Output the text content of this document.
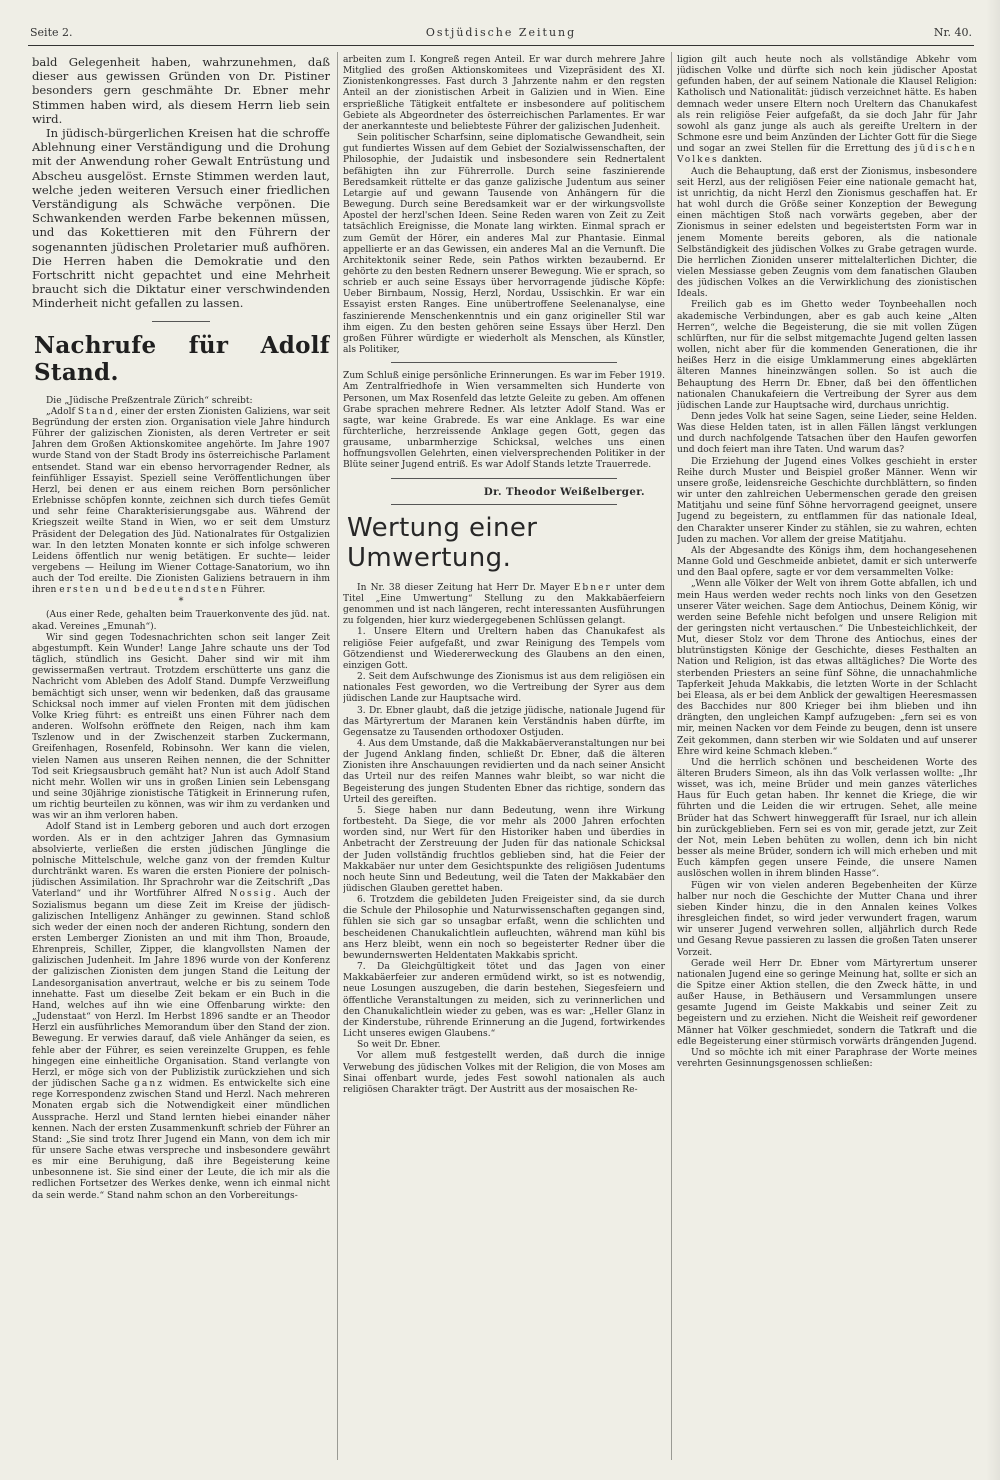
Seite 2.	Ostjüdische Zeitung	Nr. 40.

bald Gelegenheit haben, wahrzunehmen, daß dieser aus gewissen Gründen von Dr. Pistiner besonders gern geschmähte Dr. Ebner mehr Stimmen haben wird, als diesem Herrn lieb sein wird.

In jüdisch-bürgerlichen Kreisen hat die schroffe Ablehnung einer Verständigung und die Drohung mit der Anwendung roher Gewalt Entrüstung und Abscheu ausgelöst. Ernste Stimmen werden laut, welche jeden weiteren Versuch einer friedlichen Verständigung als Schwäche verpönen. Die Schwankenden werden Farbe bekennen müssen, und das Kokettieren mit den Führern der sogenannten jüdischen Proletarier muß aufhören. Die Herren haben die Demokratie und den Fortschritt nicht gepachtet und eine Mehrheit braucht sich die Diktatur einer verschwindenden Minderheit nicht gefallen zu lassen.

Nachrufe für Adolf Stand.

Die „Jüdische Preßzentrale Zürich“ schreibt:

„Adolf Stand, einer der ersten Zionisten Galiziens, war seit Begründung der ersten zion. Organisation viele Jahre hindurch Führer der galizischen Zionisten, als deren Vertreter er seit Jahren dem Großen Aktionskomitee angehörte. Im Jahre 1907 wurde Stand von der Stadt Brody ins österreichische Parlament entsendet. Stand war ein ebenso hervorragender Redner, als feinfühliger Essayist. Speziell seine Veröffentlichungen über Herzl, bei denen er aus einem reichen Born persönlicher Erlebnisse schöpfen konnte, zeichnen sich durch tiefes Gemüt und sehr feine Charakterisierungsgabe aus. Während der Kriegszeit weilte Stand in Wien, wo er seit dem Umsturz Präsident der Delegation des Jüd. Nationalrates für Ostgalizien war. In den letzten Monaten konnte er sich infolge schweren Leidens öffentlich nur wenig betätigen. Er suchte— leider vergebens — Heilung im Wiener Cottage-Sanatorium, wo ihn auch der Tod ereilte. Die Zionisten Galiziens betrauern in ihm ihren ersten und bedeutendsten Führer.

*

(Aus einer Rede, gehalten beim Trauerkonvente des jüd. nat. akad. Vereines „Emunah“).

Wir sind gegen Todesnachrichten schon seit langer Zeit abgestumpft. Kein Wunder! Lange Jahre schaute uns der Tod täglich, stündlich ins Gesicht. Daher sind wir mit ihm gewissermaßen vertraut. Trotzdem erschütterte uns ganz die Nachricht vom Ableben des Adolf Stand. Dumpfe Verzweiflung bemächtigt sich unser, wenn wir bedenken, daß das grausame Schicksal noch immer auf vielen Fronten mit dem jüdischen Volke Krieg führt: es entreißt uns einen Führer nach dem anderen. Wolfsohn eröffnete den Reigen, nach ihm kam Tszlenow und in der Zwischenzeit starben Zuckermann, Greifenhagen, Rosenfeld, Robinsohn. Wer kann die vielen, vielen Namen aus unseren Reihen nennen, die der Schnitter Tod seit Kriegsausbruch gemäht hat? Nun ist auch Adolf Stand nicht mehr. Wollen wir uns in großen Linien sein Lebensgang und seine 30jährige zionistische Tätigkeit in Erinnerung rufen, um richtig beurteilen zu können, was wir ihm zu verdanken und was wir an ihm verloren haben.

Adolf Stand ist in Lemberg geboren und auch dort erzogen worden. Als er in den achtziger Jahren das Gymnasium absolvierte, verließen die ersten jüdischen Jünglinge die polnische Mittelschule, welche ganz von der fremden Kultur durchtränkt waren. Es waren die ersten Pioniere der polnisch-jüdischen Assimilation. Ihr Sprachrohr war die Zeitschrift „Das Vaterland“ und ihr Wortführer Alfred Nossig. Auch der Sozialismus begann um diese Zeit im Kreise der jüdisch-galizischen Intelligenz Anhänger zu gewinnen. Stand schloß sich weder der einen noch der anderen Richtung, sondern den ersten Lemberger Zionisten an und mit ihm Thon, Broaude, Ehrenpreis, Schiller, Zipper, die klangvollsten Namen der galizischen Judenheit. Im Jahre 1896 wurde von der Konferenz der galizischen Zionisten dem jungen Stand die Leitung der Landesorganisation anvertraut, welche er bis zu seinem Tode innehatte. Fast um dieselbe Zeit bekam er ein Buch in die Hand, welches auf ihn wie eine Offenbarung wirkte: den „Judenstaat“ von Herzl. Im Herbst 1896 sandte er an Theodor Herzl ein ausführliches Memorandum über den Stand der zion. Bewegung. Er verwies darauf, daß viele Anhänger da seien, es fehle aber der Führer, es seien vereinzelte Gruppen, es fehle hingegen eine einheitliche Organisation. Stand verlangte von Herzl, er möge sich von der Publizistik zurückziehen und sich der jüdischen Sache ganz widmen. Es entwickelte sich eine rege Korrespondenz zwischen Stand und Herzl. Nach mehreren Monaten ergab sich die Notwendigkeit einer mündlichen Aussprache. Herzl und Stand lernten hiebei einander näher kennen. Nach der ersten Zusammenkunft schrieb der Führer an Stand: „Sie sind trotz Ihrer Jugend ein Mann, von dem ich mir für unsere Sache etwas verspreche und insbesondere gewährt es mir eine Beruhigung, daß ihre Begeisterung keine unbesonnene ist. Sie sind einer der Leute, die ich mir als die redlichen Fortsetzer des Werkes denke, wenn ich einmal nicht da sein werde.“ Stand nahm schon an den Vorbereitungs-

arbeiten zum I. Kongreß regen Anteil. Er war durch mehrere Jahre Mitglied des großen Aktionskomitees und Vizepräsident des XI. Zionistenkongresses. Fast durch 3 Jahrzente nahm er den regsten Anteil an der zionistischen Arbeit in Galizien und in Wien. Eine ersprießliche Tätigkeit entfaltete er insbesondere auf politischem Gebiete als Abgeordneter des österreichischen Parlamentes. Er war der anerkannteste und beliebteste Führer der galizischen Judenheit.

Sein politischer Scharfsinn, seine diplomatische Gewandheit, sein gut fundiertes Wissen auf dem Gebiet der Sozialwissenschaften, der Philosophie, der Judaistik und insbesondere sein Rednertalent befähigten ihn zur Führerrolle. Durch seine faszinierende Beredsamkeit rüttelte er das ganze galizische Judentum aus seiner Letargie auf und gewann Tausende von Anhängern für die Bewegung. Durch seine Beredsamkeit war er der wirkungsvollste Apostel der herzl'schen Ideen. Seine Reden waren von Zeit zu Zeit tatsächlich Ereignisse, die Monate lang wirkten. Einmal sprach er zum Gemüt der Hörer, ein anderes Mal zur Phantasie. Einmal appellierte er an das Gewissen, ein anderes Mal an die Vernunft. Die Architektonik seiner Rede, sein Pathos wirkten bezaubernd. Er gehörte zu den besten Rednern unserer Bewegung. Wie er sprach, so schrieb er auch seine Essays über hervorragende jüdische Köpfe: Ueber Birnbaum, Nossig, Herzl, Nordau, Ussischkin. Er war ein Essayist ersten Ranges. Eine unübertroffene Seelenanalyse, eine faszinierende Menschenkenntnis und ein ganz origineller Stil war ihm eigen. Zu den besten gehören seine Essays über Herzl. Den großen Führer würdigte er wiederholt als Menschen, als Künstler, als Politiker,

Zum Schluß einige persönliche Erinnerungen. Es war im Feber 1919. Am Zentralfriedhofe in Wien versammelten sich Hunderte von Personen, um Max Rosenfeld das letzte Geleite zu geben. Am offenen Grabe sprachen mehrere Redner. Als letzter Adolf Stand. Was er sagte, war keine Grabrede. Es war eine Anklage. Es war eine fürchterliche, herzreissende Anklage gegen Gott, gegen das grausame, unbarmherzige Schicksal, welches uns einen hoffnungsvollen Gelehrten, einen vielversprechenden Politiker in der Blüte seiner Jugend entriß. Es war Adolf Stands letzte Trauerrede.

Dr. Theodor Weißelberger.
Wertung einer Umwertung.

In Nr. 38 dieser Zeitung hat Herr Dr. Mayer Ebner unter dem Titel „Eine Umwertung“ Stellung zu den Makkabäerfeiern genommen und ist nach längeren, recht interessanten Ausführungen zu folgenden, hier kurz wiedergegebenen Schlüssen gelangt.

1. Unsere Eltern und Ureltern haben das Chanukafest als religiöse Feier aufgefaßt, und zwar Reinigung des Tempels vom Götzendienst und Wiedererweckung des Glaubens an den einen, einzigen Gott.

2. Seit dem Aufschwunge des Zionismus ist aus dem religiösen ein nationales Fest geworden, wo die Vertreibung der Syrer aus dem jüdischen Lande zur Hauptsache wird.

3. Dr. Ebner glaubt, daß die jetzige jüdische, nationale Jugend für das Märtyrertum der Maranen kein Verständnis haben dürfte, im Gegensatze zu Tausenden orthodoxer Ostjuden.

4. Aus dem Umstande, daß die Makkabäerveranstaltungen nur bei der Jugend Anklang finden, schließt Dr. Ebner, daß die älteren Zionisten ihre Anschauungen revidierten und da nach seiner Ansicht das Urteil nur des reifen Mannes wahr bleibt, so war nicht die Begeisterung des jungen Studenten Ebner das richtige, sondern das Urteil des gereiften.

5. Siege haben nur dann Bedeutung, wenn ihre Wirkung fortbesteht. Da Siege, die vor mehr als 2000 Jahren erfochten worden sind, nur Wert für den Historiker haben und überdies in Anbetracht der Zerstreuung der Juden für das nationale Schicksal der Juden vollständig fruchtlos geblieben sind, hat die Feier der Makkabäer nur unter dem Gesichtspunkte des religiösen Judentums noch heute Sinn und Bedeutung, weil die Taten der Makkabäer den jüdischen Glauben gerettet haben.

6. Trotzdem die gebildeten Juden Freigeister sind, da sie durch die Schule der Philosophie und Naturwissenschaften gegangen sind, fühlen sie sich gar so unsagbar erfaßt, wenn die schlichten und bescheidenen Chanukalichtlein aufleuchten, während man kühl bis ans Herz bleibt, wenn ein noch so begeisterter Redner über die bewundernswerten Heldentaten Makkabis spricht.

7. Da Gleichgültigkeit tötet und das Jagen von einer Makkabäerfeier zur anderen ermüdend wirkt, so ist es notwendig, neue Losungen auszugeben, die darin bestehen, Siegesfeiern und öffentliche Veranstaltungen zu meiden, sich zu verinnerlichen und den Chanukalichtlein wieder zu geben, was es war: „Heller Glanz in der Kinderstube, rührende Erinnerung an die Jugend, fortwirkendes Licht unseres ewigen Glaubens.“

So weit Dr. Ebner.

Vor allem muß festgestellt werden, daß durch die innige Verwebung des jüdischen Volkes mit der Religion, die von Moses am Sinai offenbart wurde, jedes Fest sowohl nationalen als auch religiösen Charakter trägt. Der Austritt aus der mosaischen Re-

ligion gilt auch heute noch als vollständige Abkehr vom jüdischen Volke und dürfte sich noch kein jüdischer Apostat gefunden haben, der auf seinem Nationale die Klausel Religion: Katholisch und Nationalität: jüdisch verzeichnet hätte. Es haben demnach weder unsere Eltern noch Ureltern das Chanukafest als rein religiöse Feier aufgefaßt, da sie doch Jahr für Jahr sowohl als ganz junge als auch als gereifte Ureltern in der Schmone esre und beim Anzünden der Lichter Gott für die Siege und sogar an zwei Stellen für die Errettung des jüdischen Volkes dankten.

Auch die Behauptung, daß erst der Zionismus, insbesondere seit Herzl, aus der religiösen Feier eine nationale gemacht hat, ist unrichtig, da nicht Herzl den Zionismus geschaffen hat. Er hat wohl durch die Größe seiner Konzeption der Bewegung einen mächtigen Stoß nach vorwärts gegeben, aber der Zionismus in seiner edelsten und begeistertsten Form war in jenem Momente bereits geboren, als die nationale Selbständigkeit des jüdischen Volkes zu Grabe getragen wurde. Die herrlichen Zioniden unserer mittelalterlichen Dichter, die vielen Messiasse geben Zeugnis vom dem fanatischen Glauben des jüdischen Volkes an die Verwirklichung des zionistischen Ideals.

Freilich gab es im Ghetto weder Toynbeehallen noch akademische Verbindungen, aber es gab auch keine „Alten Herren“, welche die Begeisterung, die sie mit vollen Zügen schlürften, nur für die selbst mitgemachte Jugend gelten lassen wollen, nicht aber für die kommenden Generationen, die ihr heißes Herz in die eisige Umklammerung eines abgeklärten älteren Mannes hineinzwängen sollen. So ist auch die Behauptung des Herrn Dr. Ebner, daß bei den öffentlichen nationalen Chanukafeiern die Vertreibung der Syrer aus dem jüdischen Lande zur Hauptsache wird, durchaus unrichtig.

Denn jedes Volk hat seine Sagen, seine Lieder, seine Helden. Was diese Helden taten, ist in allen Fällen längst verklungen und durch nachfolgende Tatsachen über den Haufen geworfen und doch feiert man ihre Taten. Und warum das?

Die Erziehung der Jugend eines Volkes geschieht in erster Reihe durch Muster und Beispiel großer Männer. Wenn wir unsere große, leidensreiche Geschichte durchblättern, so finden wir unter den zahlreichen Uebermenschen gerade den greisen Matitjahu und seine fünf Söhne hervorragend geeignet, unsere Jugend zu begeistern, zu entflammen für das nationale Ideal, den Charakter unserer Kinder zu stählen, sie zu wahren, echten Juden zu machen. Vor allem der greise Matitjahu.

Als der Abgesandte des Königs ihm, dem hochangesehenen Manne Gold und Geschmeide anbietet, damit er sich unterwerfe und den Baal opfere, sagte er vor dem versammelten Volke:

„Wenn alle Völker der Welt von ihrem Gotte abfallen, ich und mein Haus werden weder rechts noch links von den Gesetzen unserer Väter weichen. Sage dem Antiochus, Deinem König, wir werden seine Befehle nicht befolgen und unsere Religion mit der geringsten nicht vertauschen.“ Die Unbesteichlichkeit, der Mut, dieser Stolz vor dem Throne des Antiochus, eines der blutrünstigsten Könige der Geschichte, dieses Festhalten an Nation und Religion, ist das etwas alltägliches? Die Worte des sterbenden Priesters an seine fünf Söhne, die unnachahmliche Tapferkeit Jehuda Makkabis, die letzten Worte in der Schlacht bei Eleasa, als er bei dem Anblick der gewaltigen Heeresmassen des Bacchides nur 800 Krieger bei ihm blieben und ihn drängten, den ungleichen Kampf aufzugeben: „fern sei es von mir, meinen Nacken vor dem Feinde zu beugen, denn ist unsere Zeit gekommen, dann sterben wir wie Soldaten und auf unserer Ehre wird keine Schmach kleben.“

Und die herrlich schönen und bescheidenen Worte des älteren Bruders Simeon, als ihn das Volk verlassen wollte: „Ihr wisset, was ich, meine Brüder und mein ganzes väterliches Haus für Euch getan haben. Ihr kennet die Kriege, die wir führten und die Leiden die wir ertrugen. Sehet, alle meine Brüder hat das Schwert hinweggerafft für Israel, nur ich allein bin zurückgeblieben. Fern sei es von mir, gerade jetzt, zur Zeit der Not, mein Leben behüten zu wollen, denn ich bin nicht besser als meine Brüder, sondern ich will mich erheben und mit Euch kämpfen gegen unsere Feinde, die unsere Namen auslöschen wollen in ihrem blinden Hasse“.

Fügen wir von vielen anderen Begebenheiten der Kürze halber nur noch die Geschichte der Mutter Chana und ihrer sieben Kinder hinzu, die in den Annalen keines Volkes ihresgleichen findet, so wird jeder verwundert fragen, warum wir unserer Jugend verwehren sollen, alljährlich durch Rede und Gesang Revue passieren zu lassen die großen Taten unserer Vorzeit.

Gerade weil Herr Dr. Ebner vom Märtyrertum unserer nationalen Jugend eine so geringe Meinung hat, sollte er sich an die Spitze einer Aktion stellen, die den Zweck hätte, in und außer Hause, in Bethäusern und Versammlungen unsere gesamte Jugend im Geiste Makkabis und seiner Zeit zu begeistern und zu erziehen. Nicht die Weisheit reif gewordener Männer hat Völker geschmiedet, sondern die Tatkraft und die edle Begeisterung einer stürmisch vorwärts drängenden Jugend.

Und so möchte ich mit einer Paraphrase der Worte meines verehrten Gesinnungsgenossen schließen:
